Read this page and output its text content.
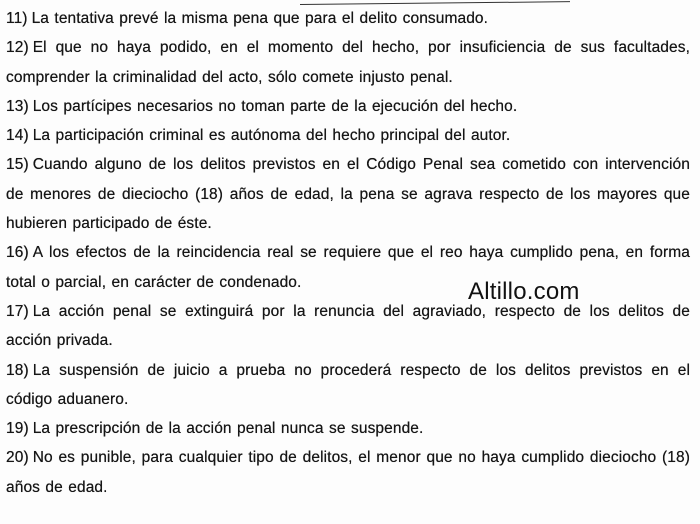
11) La tentativa prevé la misma pena que para el delito consumado.
12) El que no haya podido, en el momento del hecho, por insuficiencia de sus facultades, comprender la criminalidad del acto, sólo comete injusto penal.
13) Los partícipes necesarios no toman parte de la ejecución del hecho.
14) La participación criminal es autónoma del hecho principal del autor.
15) Cuando alguno de los delitos previstos en el Código Penal sea cometido con intervención de menores de dieciocho (18) años de edad, la pena se agrava respecto de los mayores que hubieren participado de éste.
16) A los efectos de la reincidencia real se requiere que el reo haya cumplido pena, en forma total o parcial, en carácter de condenado.
17) La acción penal se extinguirá por la renuncia del agraviado, respecto de los delitos de acción privada.
18) La suspensión de juicio a prueba no procederá respecto de los delitos previstos en el código aduanero.
19) La prescripción de la acción penal nunca se suspende.
20) No es punible, para cualquier tipo de delitos, el menor que no haya cumplido dieciocho (18) años de edad.
Altillo.com
